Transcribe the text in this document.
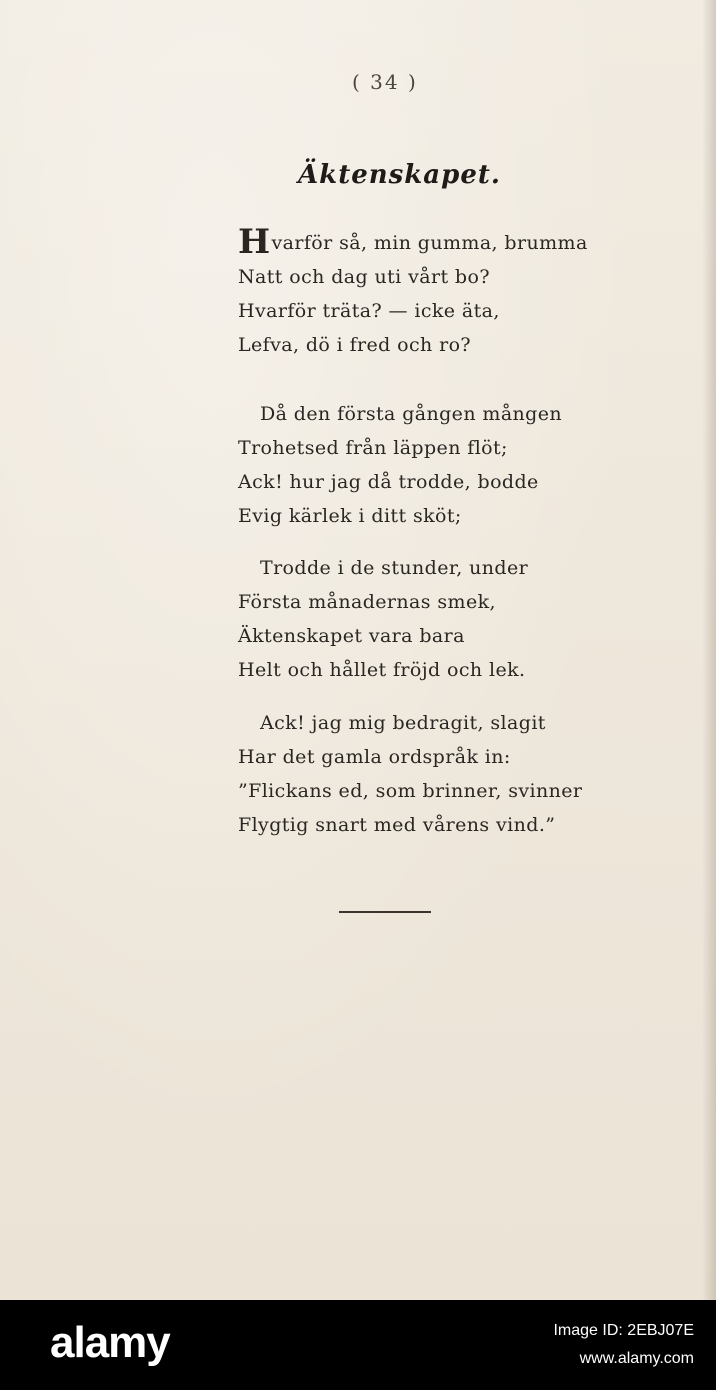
( 34 )
Äktenskapet.
Hvarför så, min gumma, brumma
Natt och dag uti vårt bo?
Hvarför träta? — icke äta,
Lefva, dö i fred och ro?
Då den första gången mången
Trohetsed från läppen flöt;
Ack! hur jag då trodde, bodde
Evig kärlek i ditt sköt;
Trodde i de stunder, under
Första månadernas smek,
Äktenskapet vara bara
Helt och hållet fröjd och lek.
Ack! jag mig bedragit, slagit
Har det gamla ordspråk in:
”Flickans ed, som brinner, svinner
Flygtig snart med vårens vind.”
alamy	Image ID: 2EBJ07E
www.alamy.com
